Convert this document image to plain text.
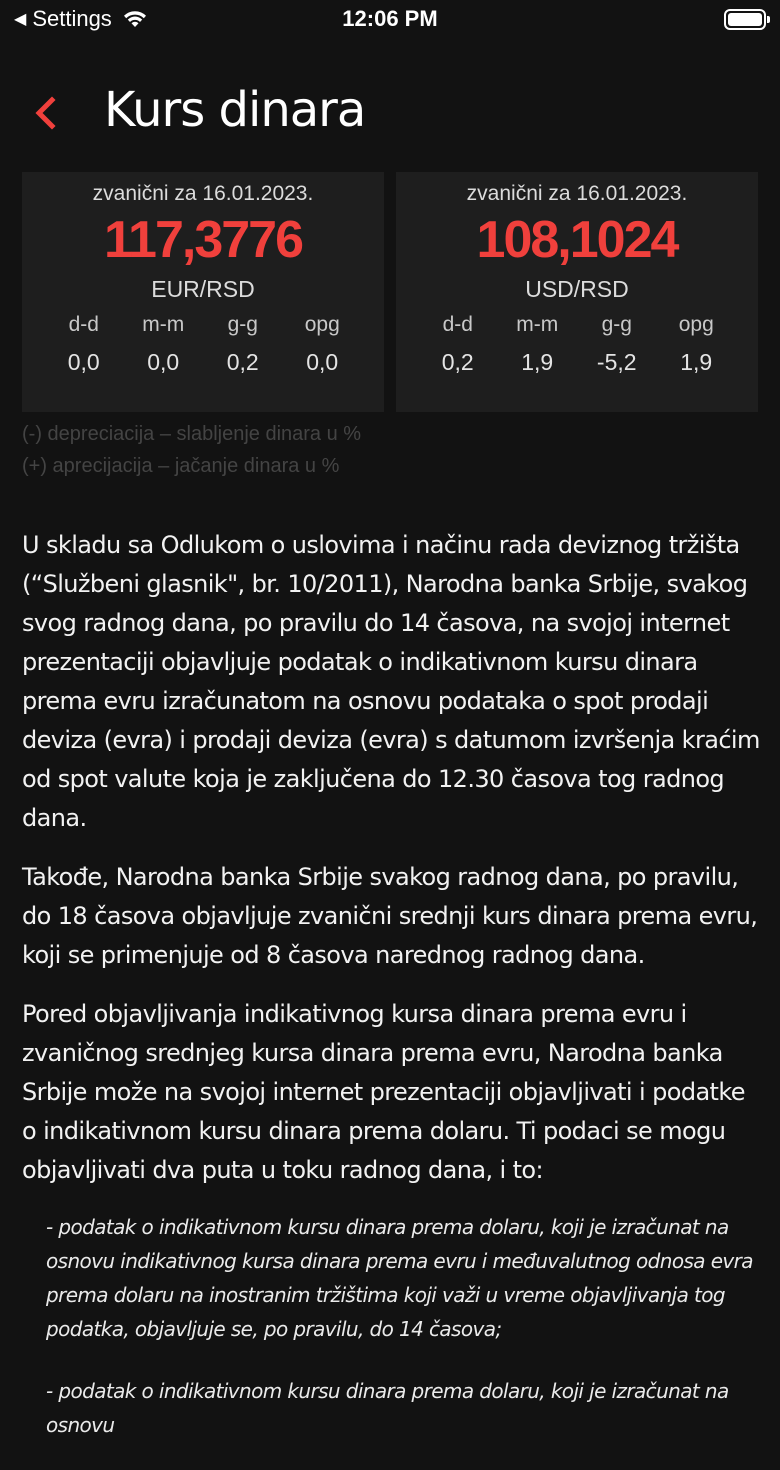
◀ Settings	12:06 PM
Kurs dinara
zvanični za 16.01.2023.
117,3776
EUR/RSD
d-d
0,0
m-m
0,0
g-g
0,2
opg
0,0
zvanični za 16.01.2023.
108,1024
USD/RSD
d-d
0,2
m-m
1,9
g-g
-5,2
opg
1,9
(-) depreciacija – slabljenje dinara u %
(+) aprecijacija – jačanje dinara u %

U skladu sa Odlukom o uslovima i načinu rada deviznog tržišta (“Službeni glasnik", br. 10/2011), Narodna banka Srbije, svakog svog radnog dana, po pravilu do 14 časova, na svojoj internet prezentaciji objavljuje podatak o indikativnom kursu dinara prema evru izračunatom na osnovu podataka o spot prodaji deviza (evra) i prodaji deviza (evra) s datumom izvršenja kraćim od spot valute koja je zaključena do 12.30 časova tog radnog dana.

Takođe, Narodna banka Srbije svakog radnog dana, po pravilu, do 18 časova objavljuje zvanični srednji kurs dinara prema evru, koji se primenjuje od 8 časova narednog radnog dana.

Pored objavljivanja indikativnog kursa dinara prema evru i zvaničnog srednjeg kursa dinara prema evru, Narodna banka Srbije može na svojoj internet prezentaciji objavljivati i podatke o indikativnom kursu dinara prema dolaru. Ti podaci se mogu objavljivati dva puta u toku radnog dana, i to:

- podatak o indikativnom kursu dinara prema dolaru, koji je izračunat na osnovu indikativnog kursa dinara prema evru i međuvalutnog odnosa evra prema dolaru na inostranim tržištima koji važi u vreme objavljivanja tog podatka, objavljuje se, po pravilu, do 14 časova;

- podatak o indikativnom kursu dinara prema dolaru, koji je izračunat na osnovu
